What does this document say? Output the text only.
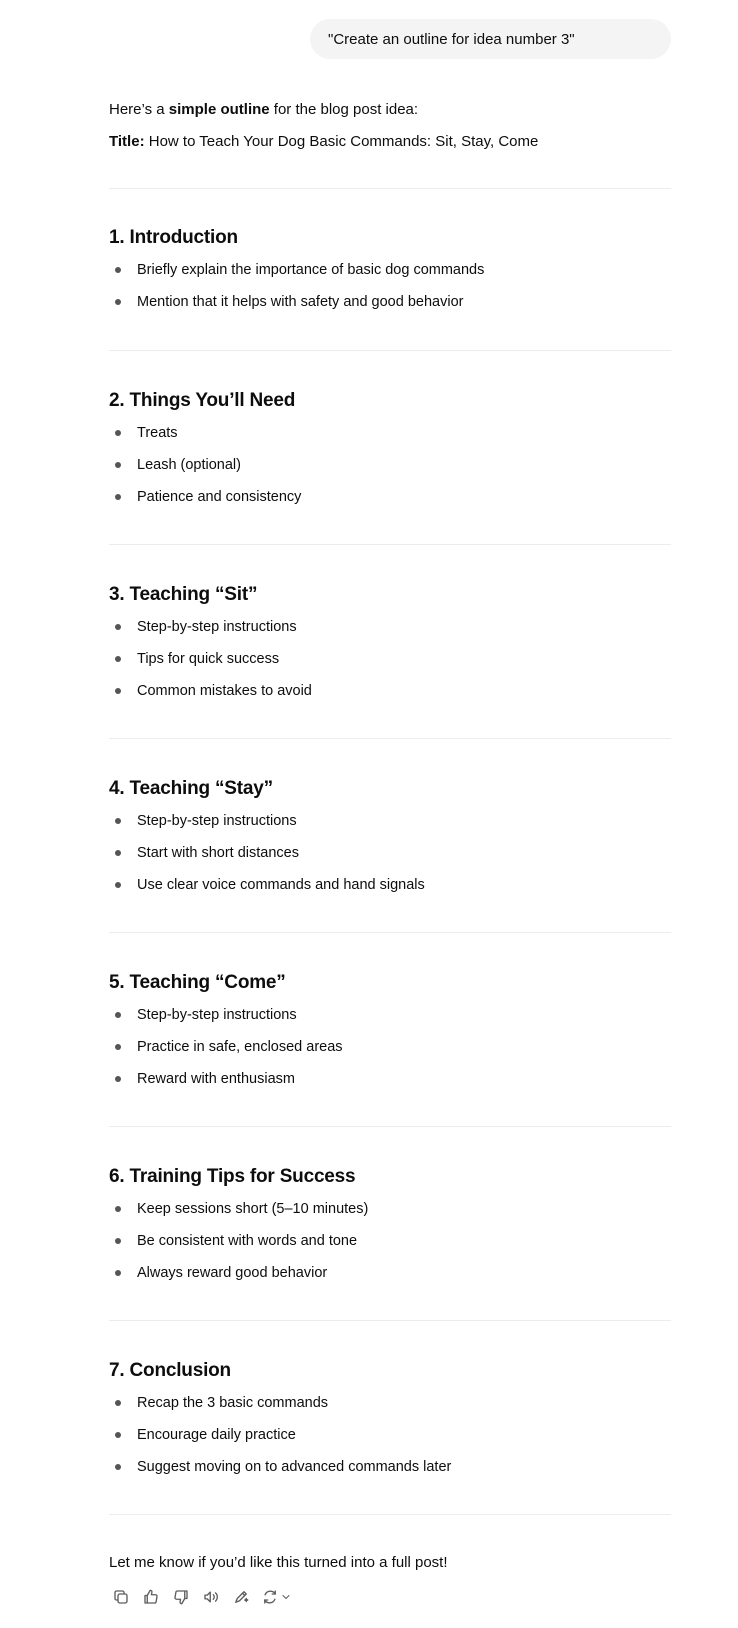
"Create an outline for idea number 3"

Here’s a simple outline for the blog post idea:

Title: How to Teach Your Dog Basic Commands: Sit, Stay, Come

1. Introduction
Briefly explain the importance of basic dog commands
Mention that it helps with safety and good behavior
2. Things You’ll Need
Treats
Leash (optional)
Patience and consistency
3. Teaching “Sit”
Step-by-step instructions
Tips for quick success
Common mistakes to avoid
4. Teaching “Stay”
Step-by-step instructions
Start with short distances
Use clear voice commands and hand signals
5. Teaching “Come”
Step-by-step instructions
Practice in safe, enclosed areas
Reward with enthusiasm
6. Training Tips for Success
Keep sessions short (5–10 minutes)
Be consistent with words and tone
Always reward good behavior
7. Conclusion
Recap the 3 basic commands
Encourage daily practice
Suggest moving on to advanced commands later

Let me know if you’d like this turned into a full post!
